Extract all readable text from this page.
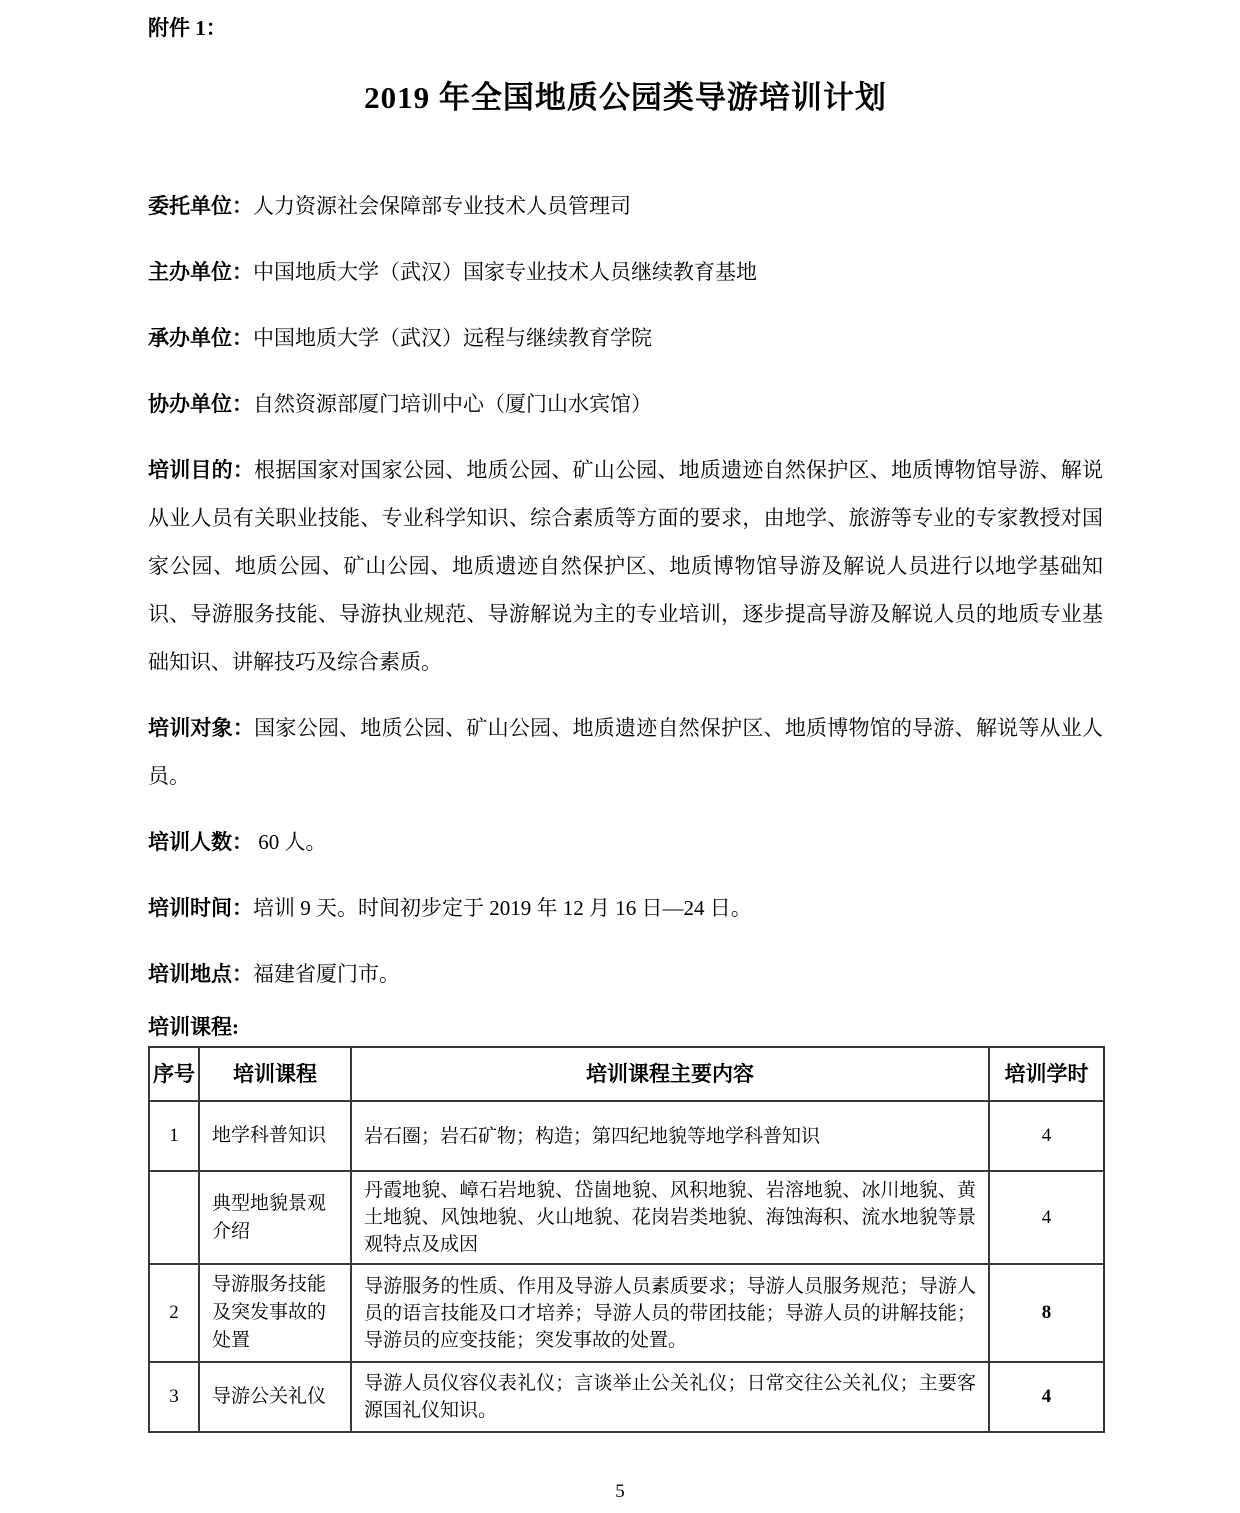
附件 1：
2019 年全国地质公园类导游培训计划

委托单位：人力资源社会保障部专业技术人员管理司

主办单位：中国地质大学（武汉）国家专业技术人员继续教育基地

承办单位：中国地质大学（武汉）远程与继续教育学院

协办单位：自然资源部厦门培训中心（厦门山水宾馆）

培训目的：根据国家对国家公园、地质公园、矿山公园、地质遗迹自然保护区、地质博物馆导游、解说从业人员有关职业技能、专业科学知识、综合素质等方面的要求，由地学、旅游等专业的专家教授对国家公园、地质公园、矿山公园、地质遗迹自然保护区、地质博物馆导游及解说人员进行以地学基础知识、导游服务技能、导游执业规范、导游解说为主的专业培训，逐步提高导游及解说人员的地质专业基础知识、讲解技巧及综合素质。

培训对象：国家公园、地质公园、矿山公园、地质遗迹自然保护区、地质博物馆的导游、解说等从业人员。

培训人数： 60 人。

培训时间：培训 9 天。时间初步定于 2019 年 12 月 16 日—24 日。

培训地点：福建省厦门市。

培训课程:
序号	培训课程	培训课程主要内容	培训学时
1	地学科普知识	岩石圈；岩石矿物；构造；第四纪地貌等地学科普知识	4
	典型地貌景观介绍	丹霞地貌、嶂石岩地貌、岱崮地貌、风积地貌、岩溶地貌、冰川地貌、黄土地貌、风蚀地貌、火山地貌、花岗岩类地貌、海蚀海积、流水地貌等景观特点及成因	4
2	导游服务技能及突发事故的处置	导游服务的性质、作用及导游人员素质要求；导游人员服务规范；导游人员的语言技能及口才培养；导游人员的带团技能；导游人员的讲解技能；导游员的应变技能；突发事故的处置。	8
3	导游公关礼仪	导游人员仪容仪表礼仪；言谈举止公关礼仪；日常交往公关礼仪；主要客源国礼仪知识。	4
5
